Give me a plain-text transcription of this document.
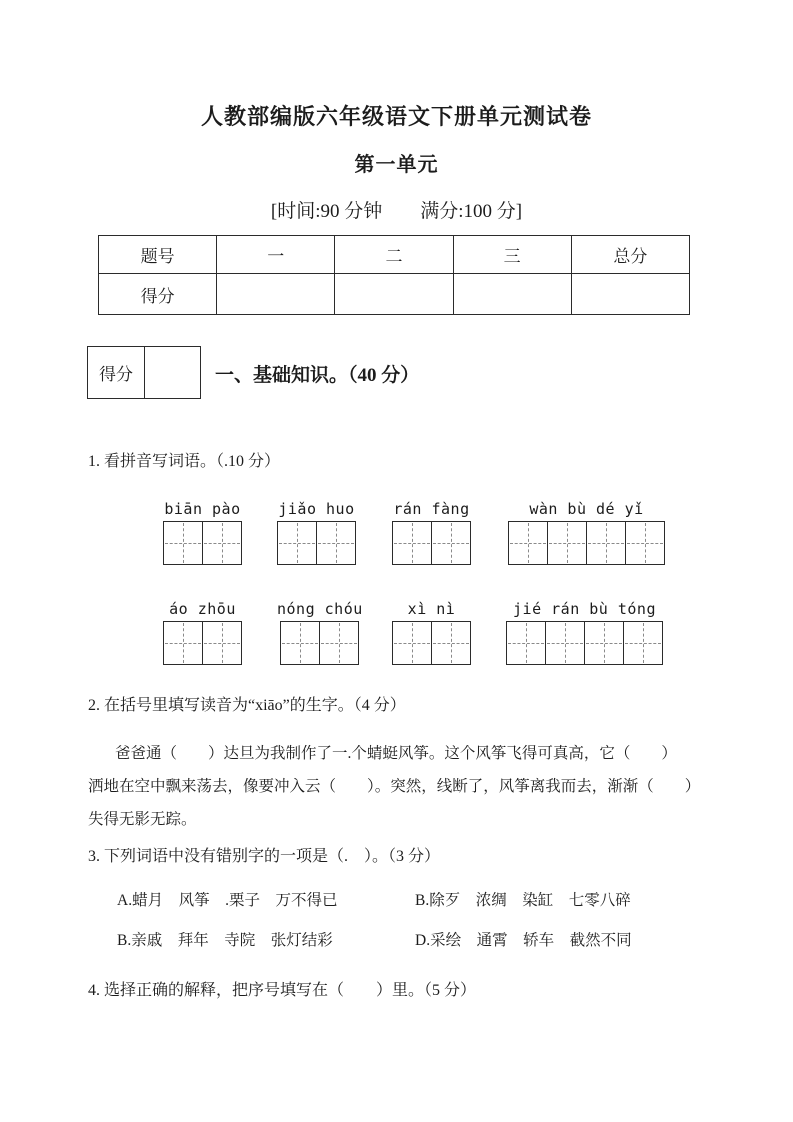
人教部编版六年级语文下册单元测试卷
第一单元
[时间:90 分钟　　满分:100 分]
题号	一	二	三	总分
得分				
得分	一、基础知识。（40 分）
1. 看拼音写词语。（.10 分）
biān pào	jiǎo huo	rán fàng	wàn bù dé yǐ
áo zhōu	nóng chóu	xì nì	jié rán bù tóng
2. 在括号里填写读音为“xiāo”的生字。（4 分）
爸爸通（　　）达旦为我制作了一.个蜻蜓风筝。这个风筝飞得可真高，它（　　）
洒地在空中飘来荡去，像要冲入云（　　）。突然，线断了，风筝离我而去，渐渐（　　）
失得无影无踪。
3. 下列词语中没有错别字的一项是（.　）。（3 分）
A.蜡月　风筝　.栗子　万不得已	B.除歹　浓绸　染缸　七零八碎
B.亲戚　拜年　寺院　张灯结彩	D.采绘　通霄　轿车　截然不同
4. 选择正确的解释，把序号填写在（　　）里。（5 分）
